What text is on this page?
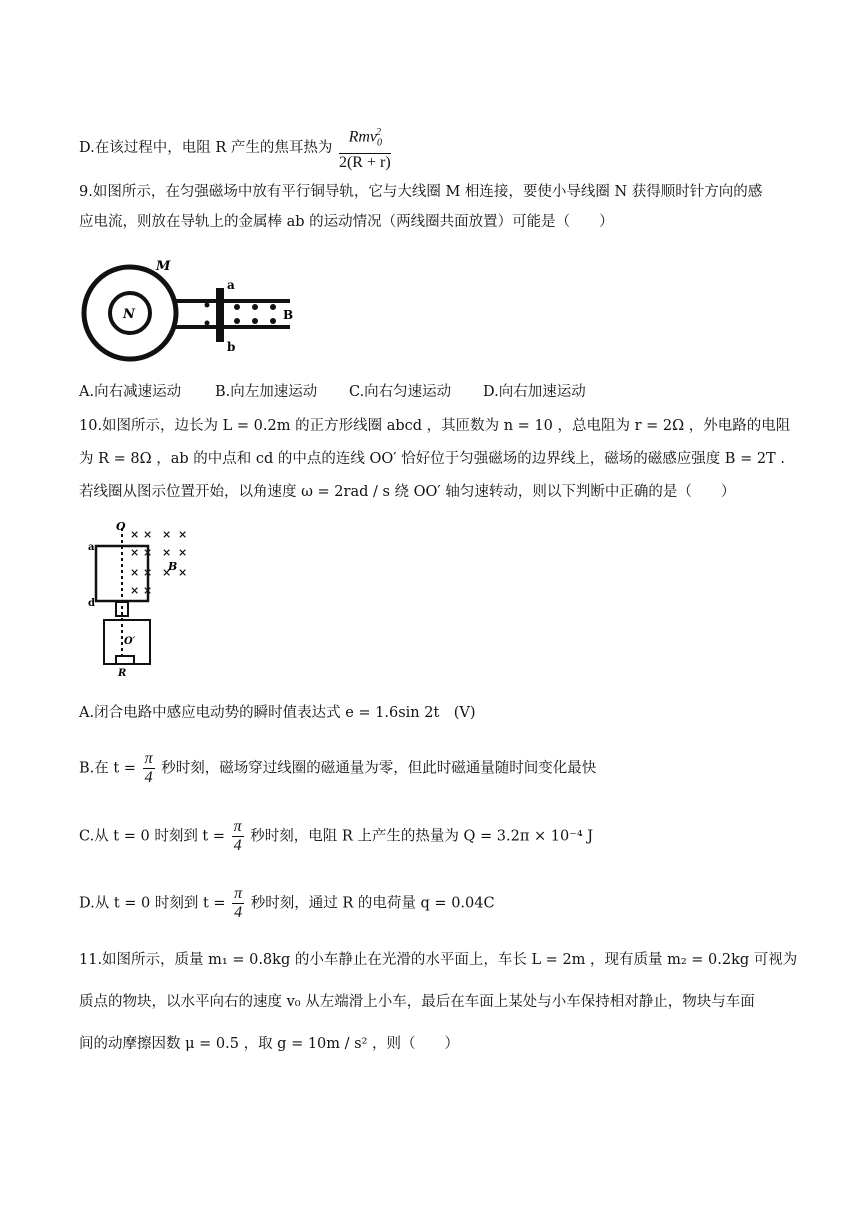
D.在该过程中，电阻 R 产生的焦耳热为 $\frac{Rmv_0^2}{2(R + r)}$
9.如图所示，在匀强磁场中放有平行铜导轨，它与大线圈 M 相连接，要使小导线圈 N 获得顺时针方向的感
应电流，则放在导轨上的金属棒 ab 的运动情况（两线圈共面放置）可能是（　　）
M
N
a
b
B
A.向右减速运动 B.向左加速运动 C.向右匀速运动 D.向右加速运动
10.如图所示，边长为 L = 0.2m 的正方形线圈 abcd ，其匝数为 n = 10 ，总电阻为 r = 2Ω ，外电路的电阻
为 R = 8Ω ，ab 的中点和 cd 的中点的连线 OO′ 恰好位于匀强磁场的边界线上，磁场的磁感应强度 B = 2T .
若线圈从图示位置开始，以角速度 ω = 2rad / s 绕 OO′ 轴匀速转动，则以下判断中正确的是（　　）
× × × ×
× × × ×
× × × ×
× ×
O
O′
B
R
a
d
A.闭合电路中感应电动势的瞬时值表达式 e = 1.6sin 2t　(V)
B.在 $t = \frac{\pi}{4}$ 秒时刻，磁场穿过线圈的磁通量为零，但此时磁通量随时间变化最快
C.从 t = 0 时刻到 $t = \frac{\pi}{4}$ 秒时刻，电阻 R 上产生的热量为 Q = 3.2π × 10⁻⁴ J
D.从 t = 0 时刻到 $t = \frac{\pi}{4}$ 秒时刻，通过 R 的电荷量 q = 0.04C
11.如图所示，质量 m₁ = 0.8kg 的小车静止在光滑的水平面上，车长 L = 2m ，现有质量 m₂ = 0.2kg 可视为
质点的物块，以水平向右的速度 v₀ 从左端滑上小车，最后在车面上某处与小车保持相对静止，物块与车面
间的动摩擦因数 μ = 0.5 ，取 g = 10m / s² ，则（　　）
